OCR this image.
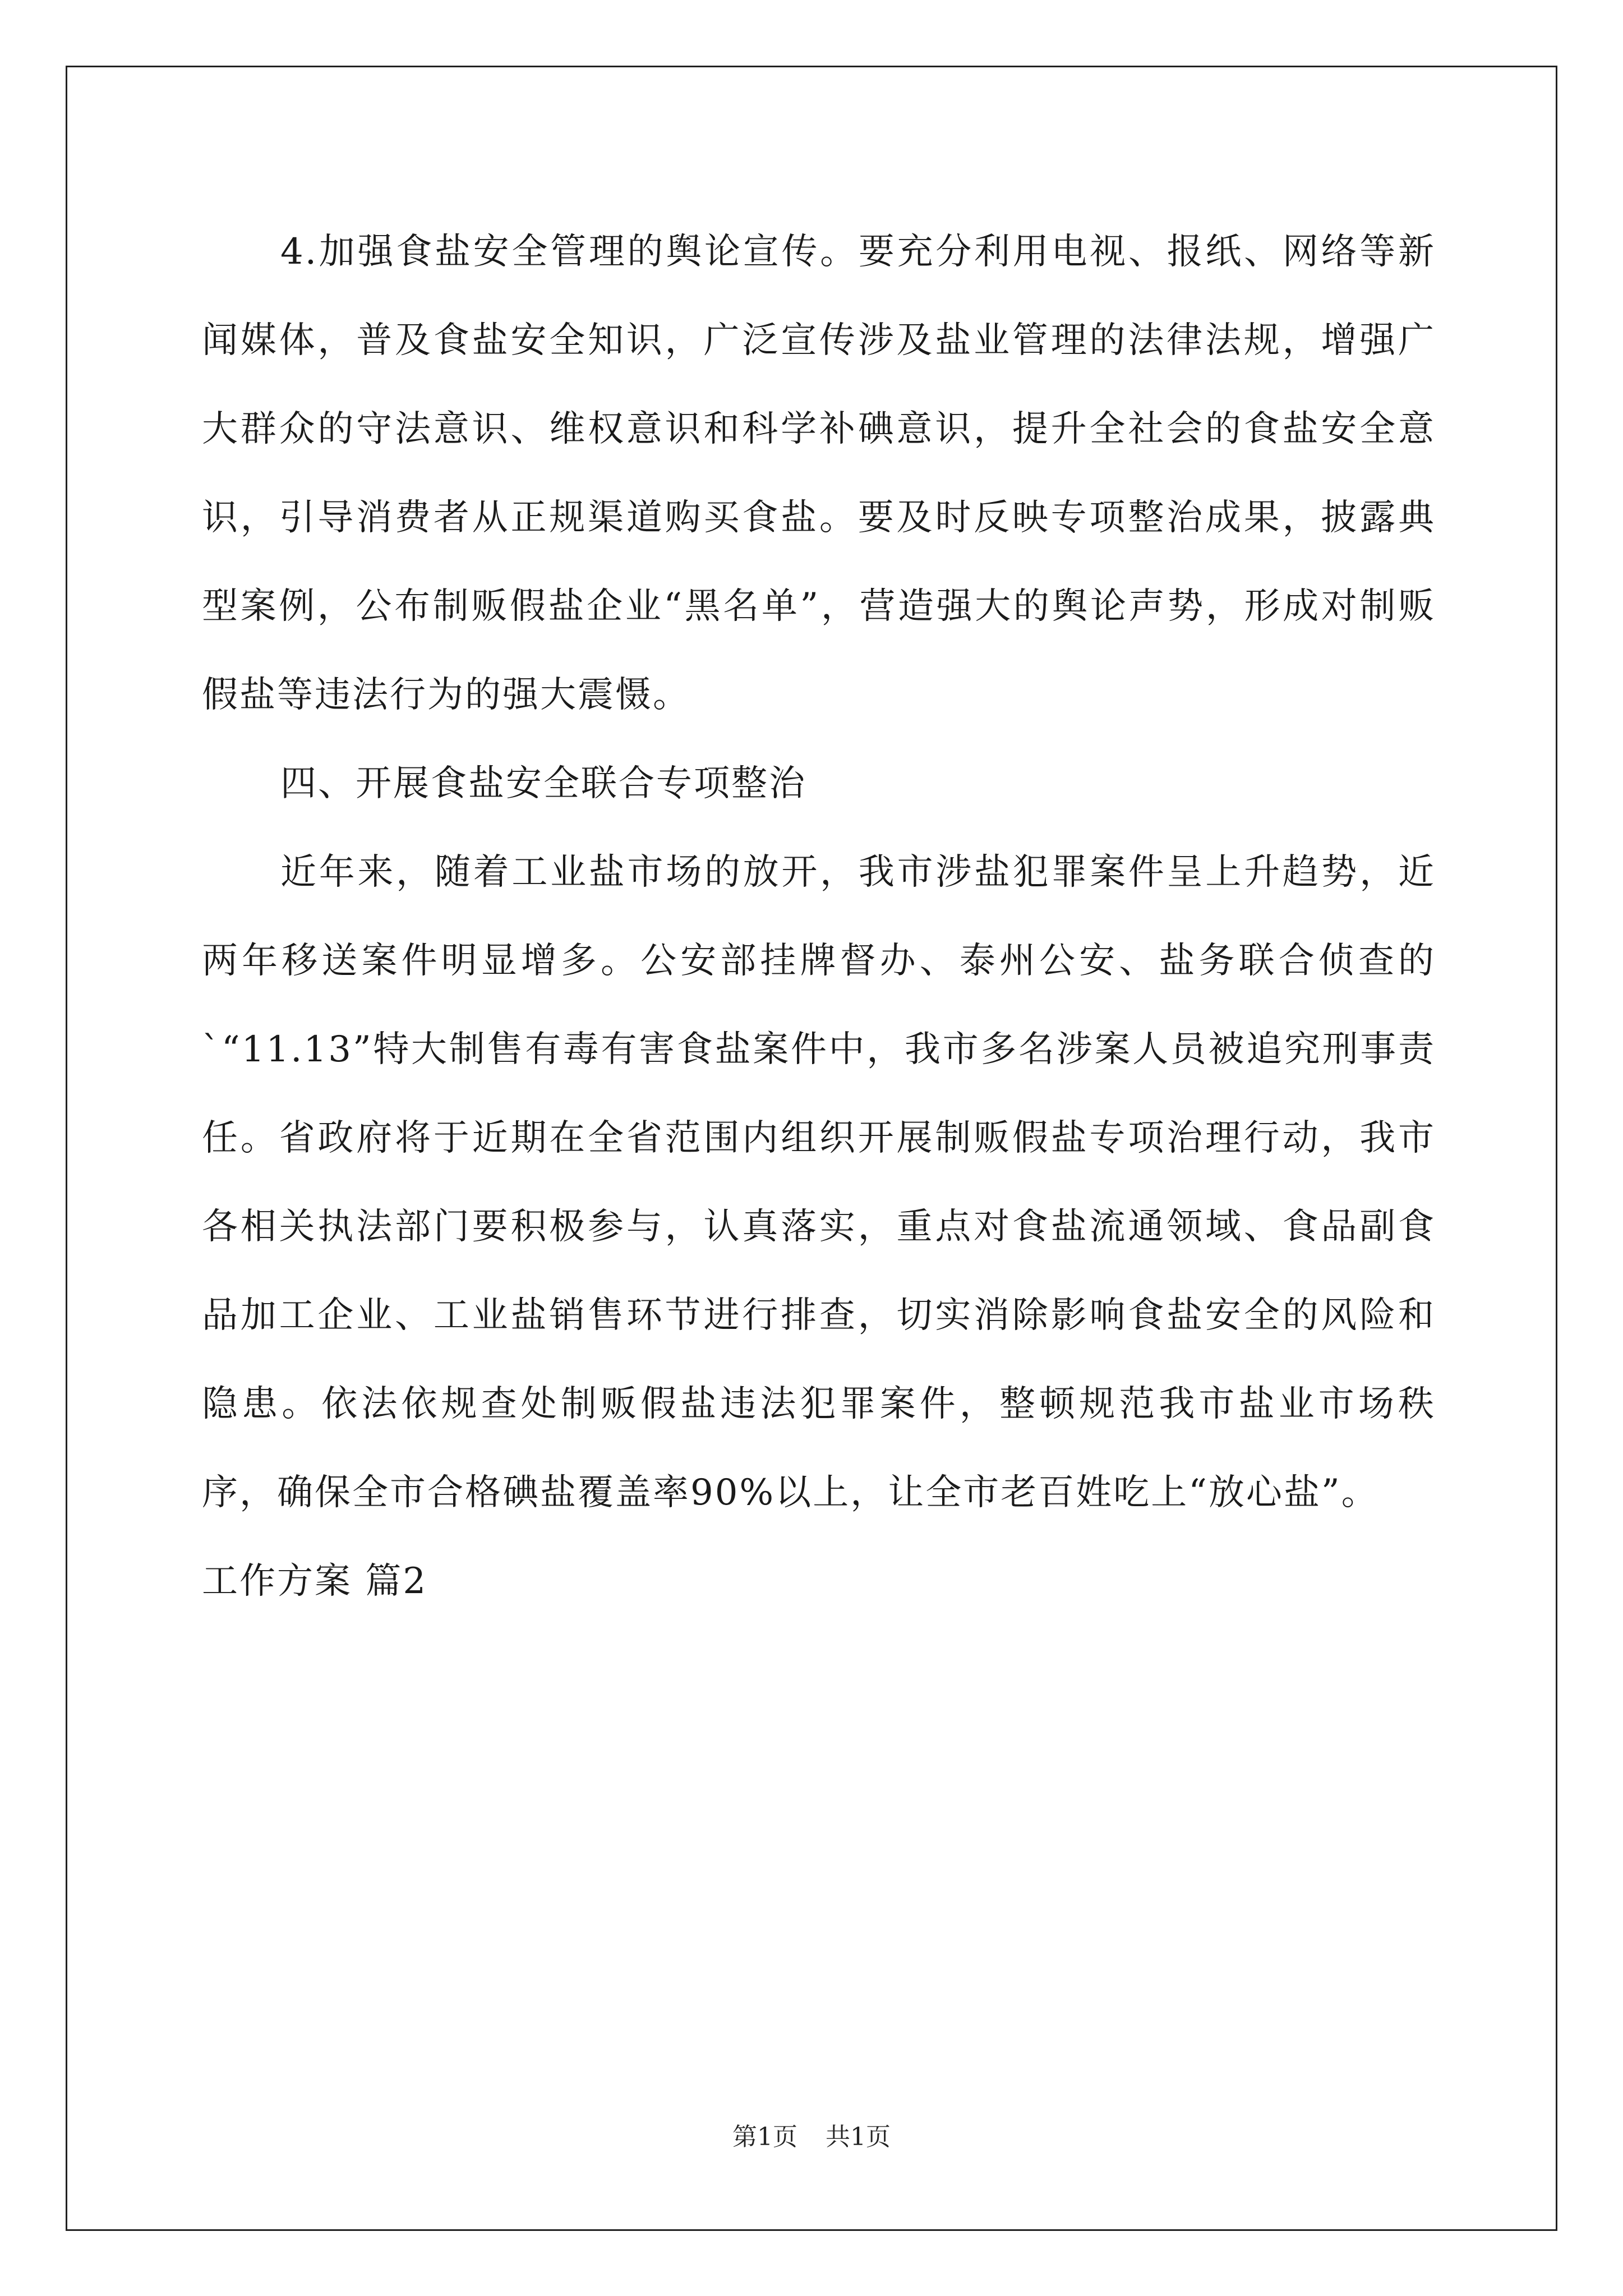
4.加强食盐安全管理的舆论宣传。要充分利用电视、报纸、网络等新闻媒体，普及食盐安全知识，广泛宣传涉及盐业管理的法律法规，增强广大群众的守法意识、维权意识和科学补碘意识，提升全社会的食盐安全意识，引导消费者从正规渠道购买食盐。要及时反映专项整治成果，披露典型案例，公布制贩假盐企业“黑名单”，营造强大的舆论声势，形成对制贩假盐等违法行为的强大震慑。

四、开展食盐安全联合专项整治

近年来，随着工业盐市场的放开，我市涉盐犯罪案件呈上升趋势，近两年移送案件明显增多。公安部挂牌督办、泰州公安、盐务联合侦查的`“11.13”特大制售有毒有害食盐案件中，我市多名涉案人员被追究刑事责任。省政府将于近期在全省范围内组织开展制贩假盐专项治理行动，我市各相关执法部门要积极参与，认真落实，重点对食盐流通领域、食品副食品加工企业、工业盐销售环节进行排查，切实消除影响食盐安全的风险和隐患。依法依规查处制贩假盐违法犯罪案件，整顿规范我市盐业市场秩序，确保全市合格碘盐覆盖率90%以上，让全市老百姓吃上“放心盐”。

工作方案 篇2

第1页 共1页
